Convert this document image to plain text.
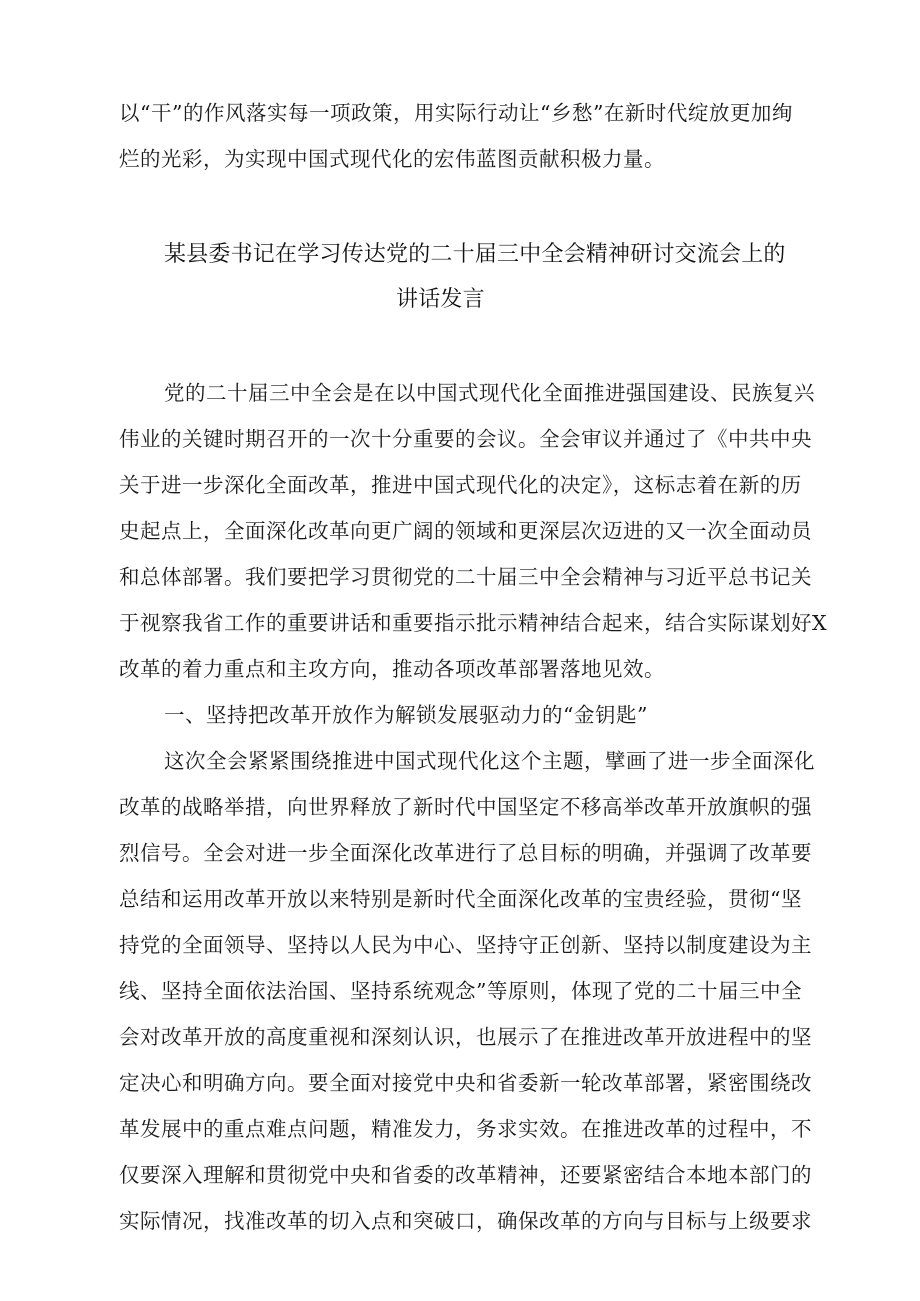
以“干”的作风落实每一项政策，用实际行动让“乡愁”在新时代绽放更加绚
烂的光彩，为实现中国式现代化的宏伟蓝图贡献积极力量。
某县委书记在学习传达党的二十届三中全会精神研讨交流会上的
讲话发言
党的二十届三中全会是在以中国式现代化全面推进强国建设、民族复兴
伟业的关键时期召开的一次十分重要的会议。全会审议并通过了《中共中央
关于进一步深化全面改革，推进中国式现代化的决定》，这标志着在新的历
史起点上，全面深化改革向更广阔的领域和更深层次迈进的又一次全面动员
和总体部署。我们要把学习贯彻党的二十届三中全会精神与习近平总书记关
于视察我省工作的重要讲话和重要指示批示精神结合起来，结合实际谋划好X
改革的着力重点和主攻方向，推动各项改革部署落地见效。
一、坚持把改革开放作为解锁发展驱动力的“金钥匙”
这次全会紧紧围绕推进中国式现代化这个主题，擘画了进一步全面深化
改革的战略举措，向世界释放了新时代中国坚定不移高举改革开放旗帜的强
烈信号。全会对进一步全面深化改革进行了总目标的明确，并强调了改革要
总结和运用改革开放以来特别是新时代全面深化改革的宝贵经验，贯彻“坚
持党的全面领导、坚持以人民为中心、坚持守正创新、坚持以制度建设为主
线、坚持全面依法治国、坚持系统观念”等原则，体现了党的二十届三中全
会对改革开放的高度重视和深刻认识，也展示了在推进改革开放进程中的坚
定决心和明确方向。要全面对接党中央和省委新一轮改革部署，紧密围绕改
革发展中的重点难点问题，精准发力，务求实效。在推进改革的过程中，不
仅要深入理解和贯彻党中央和省委的改革精神，还要紧密结合本地本部门的
实际情况，找准改革的切入点和突破口，确保改革的方向与目标与上级要求
